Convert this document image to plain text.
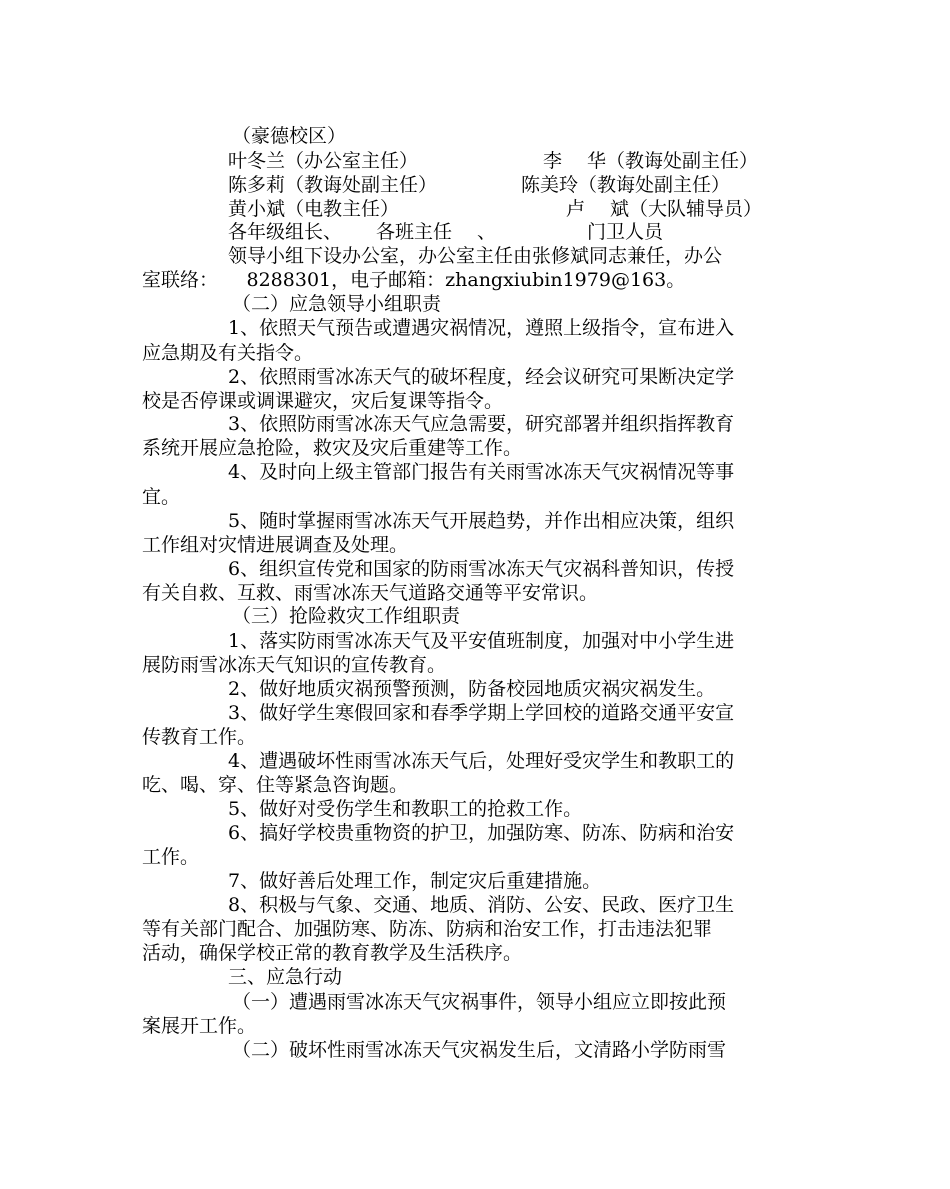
（豪德校区）
叶冬兰（办公室主任）	李　 华（教诲处副主任）
陈多莉（教诲处副主任）	陈美玲（教诲处副主任）
黄小斌（电教主任）	卢　 斌（大队辅导员）
各年级组长、 各班主任　 、	门卫人员
领导小组下设办公室，办公室主任由张修斌同志兼任，办公
室联络：　　8288301，电子邮箱：zhangxiubin1979@163。
（二）应急领导小组职责
1、依照天气预告或遭遇灾祸情况，遵照上级指令，宣布进入
应急期及有关指令。
2、依照雨雪冰冻天气的破坏程度，经会议研究可果断决定学
校是否停课或调课避灾，灾后复课等指令。
3、依照防雨雪冰冻天气应急需要，研究部署并组织指挥教育
系统开展应急抢险，救灾及灾后重建等工作。
4、及时向上级主管部门报告有关雨雪冰冻天气灾祸情况等事
宜。
5、随时掌握雨雪冰冻天气开展趋势，并作出相应决策，组织
工作组对灾情进展调查及处理。
6、组织宣传党和国家的防雨雪冰冻天气灾祸科普知识，传授
有关自救、互救、雨雪冰冻天气道路交通等平安常识。
（三）抢险救灾工作组职责
1、落实防雨雪冰冻天气及平安值班制度，加强对中小学生进
展防雨雪冰冻天气知识的宣传教育。
2、做好地质灾祸预警预测，防备校园地质灾祸灾祸发生。
3、做好学生寒假回家和春季学期上学回校的道路交通平安宣
传教育工作。
4、遭遇破坏性雨雪冰冻天气后，处理好受灾学生和教职工的
吃、喝、穿、住等紧急咨询题。
5、做好对受伤学生和教职工的抢救工作。
6、搞好学校贵重物资的护卫，加强防寒、防冻、防病和治安
工作。
7、做好善后处理工作，制定灾后重建措施。
8、积极与气象、交通、地质、消防、公安、民政、医疗卫生
等有关部门配合、加强防寒、防冻、防病和治安工作，打击违法犯罪
活动，确保学校正常的教育教学及生活秩序。
三、应急行动
（一）遭遇雨雪冰冻天气灾祸事件，领导小组应立即按此预
案展开工作。
（二）破坏性雨雪冰冻天气灾祸发生后，文清路小学防雨雪
